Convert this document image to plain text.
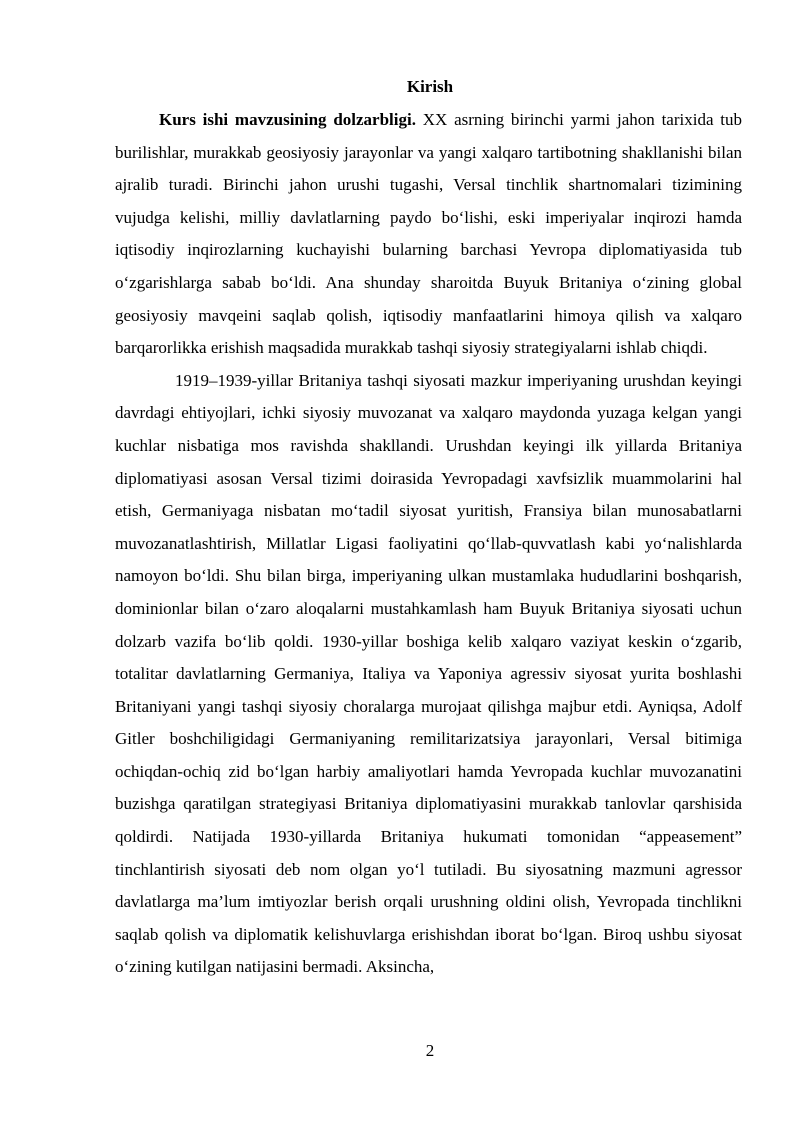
Kirish

Kurs ishi mavzusining dolzarbligi. XX asrning birinchi yarmi jahon tarixida tub burilishlar, murakkab geosiyosiy jarayonlar va yangi xalqaro tartibotning shakllanishi bilan ajralib turadi. Birinchi jahon urushi tugashi, Versal tinchlik shartnomalari tizimining vujudga kelishi, milliy davlatlarning paydo bo‘lishi, eski imperiyalar inqirozi hamda iqtisodiy inqirozlarning kuchayishi bularning barchasi Yevropa diplomatiyasida tub o‘zgarishlarga sabab bo‘ldi. Ana shunday sharoitda Buyuk Britaniya o‘zining global geosiyosiy mavqeini saqlab qolish, iqtisodiy manfaatlarini himoya qilish va xalqaro barqarorlikka erishish maqsadida murakkab tashqi siyosiy strategiyalarni ishlab chiqdi.

1919–1939-yillar Britaniya tashqi siyosati mazkur imperiyaning urushdan keyingi davrdagi ehtiyojlari, ichki siyosiy muvozanat va xalqaro maydonda yuzaga kelgan yangi kuchlar nisbatiga mos ravishda shakllandi. Urushdan keyingi ilk yillarda Britaniya diplomatiyasi asosan Versal tizimi doirasida Yevropadagi xavfsizlik muammolarini hal etish, Germaniyaga nisbatan mo‘tadil siyosat yuritish, Fransiya bilan munosabatlarni muvozanatlashtirish, Millatlar Ligasi faoliyatini qo‘llab-quvvatlash kabi yo‘nalishlarda namoyon bo‘ldi. Shu bilan birga, imperiyaning ulkan mustamlaka hududlarini boshqarish, dominionlar bilan o‘zaro aloqalarni mustahkamlash ham Buyuk Britaniya siyosati uchun dolzarb vazifa bo‘lib qoldi. 1930-yillar boshiga kelib xalqaro vaziyat keskin o‘zgarib, totalitar davlatlarning Germaniya, Italiya va Yaponiya agressiv siyosat yurita boshlashi Britaniyani yangi tashqi siyosiy choralarga murojaat qilishga majbur etdi. Ayniqsa, Adolf Gitler boshchiligidagi Germaniyaning remilitarizatsiya jarayonlari, Versal bitimiga ochiqdan-ochiq zid bo‘lgan harbiy amaliyotlari hamda Yevropada kuchlar muvozanatini buzishga qaratilgan strategiyasi Britaniya diplomatiyasini murakkab tanlovlar qarshisida qoldirdi. Natijada 1930-yillarda Britaniya hukumati tomonidan “appeasement” tinchlantirish siyosati deb nom olgan yo‘l tutiladi. Bu siyosatning mazmuni agressor davlatlarga ma’lum imtiyozlar berish orqali urushning oldini olish, Yevropada tinchlikni saqlab qolish va diplomatik kelishuvlarga erishishdan iborat bo‘lgan. Biroq ushbu siyosat o‘zining kutilgan natijasini bermadi. Aksincha,

2
